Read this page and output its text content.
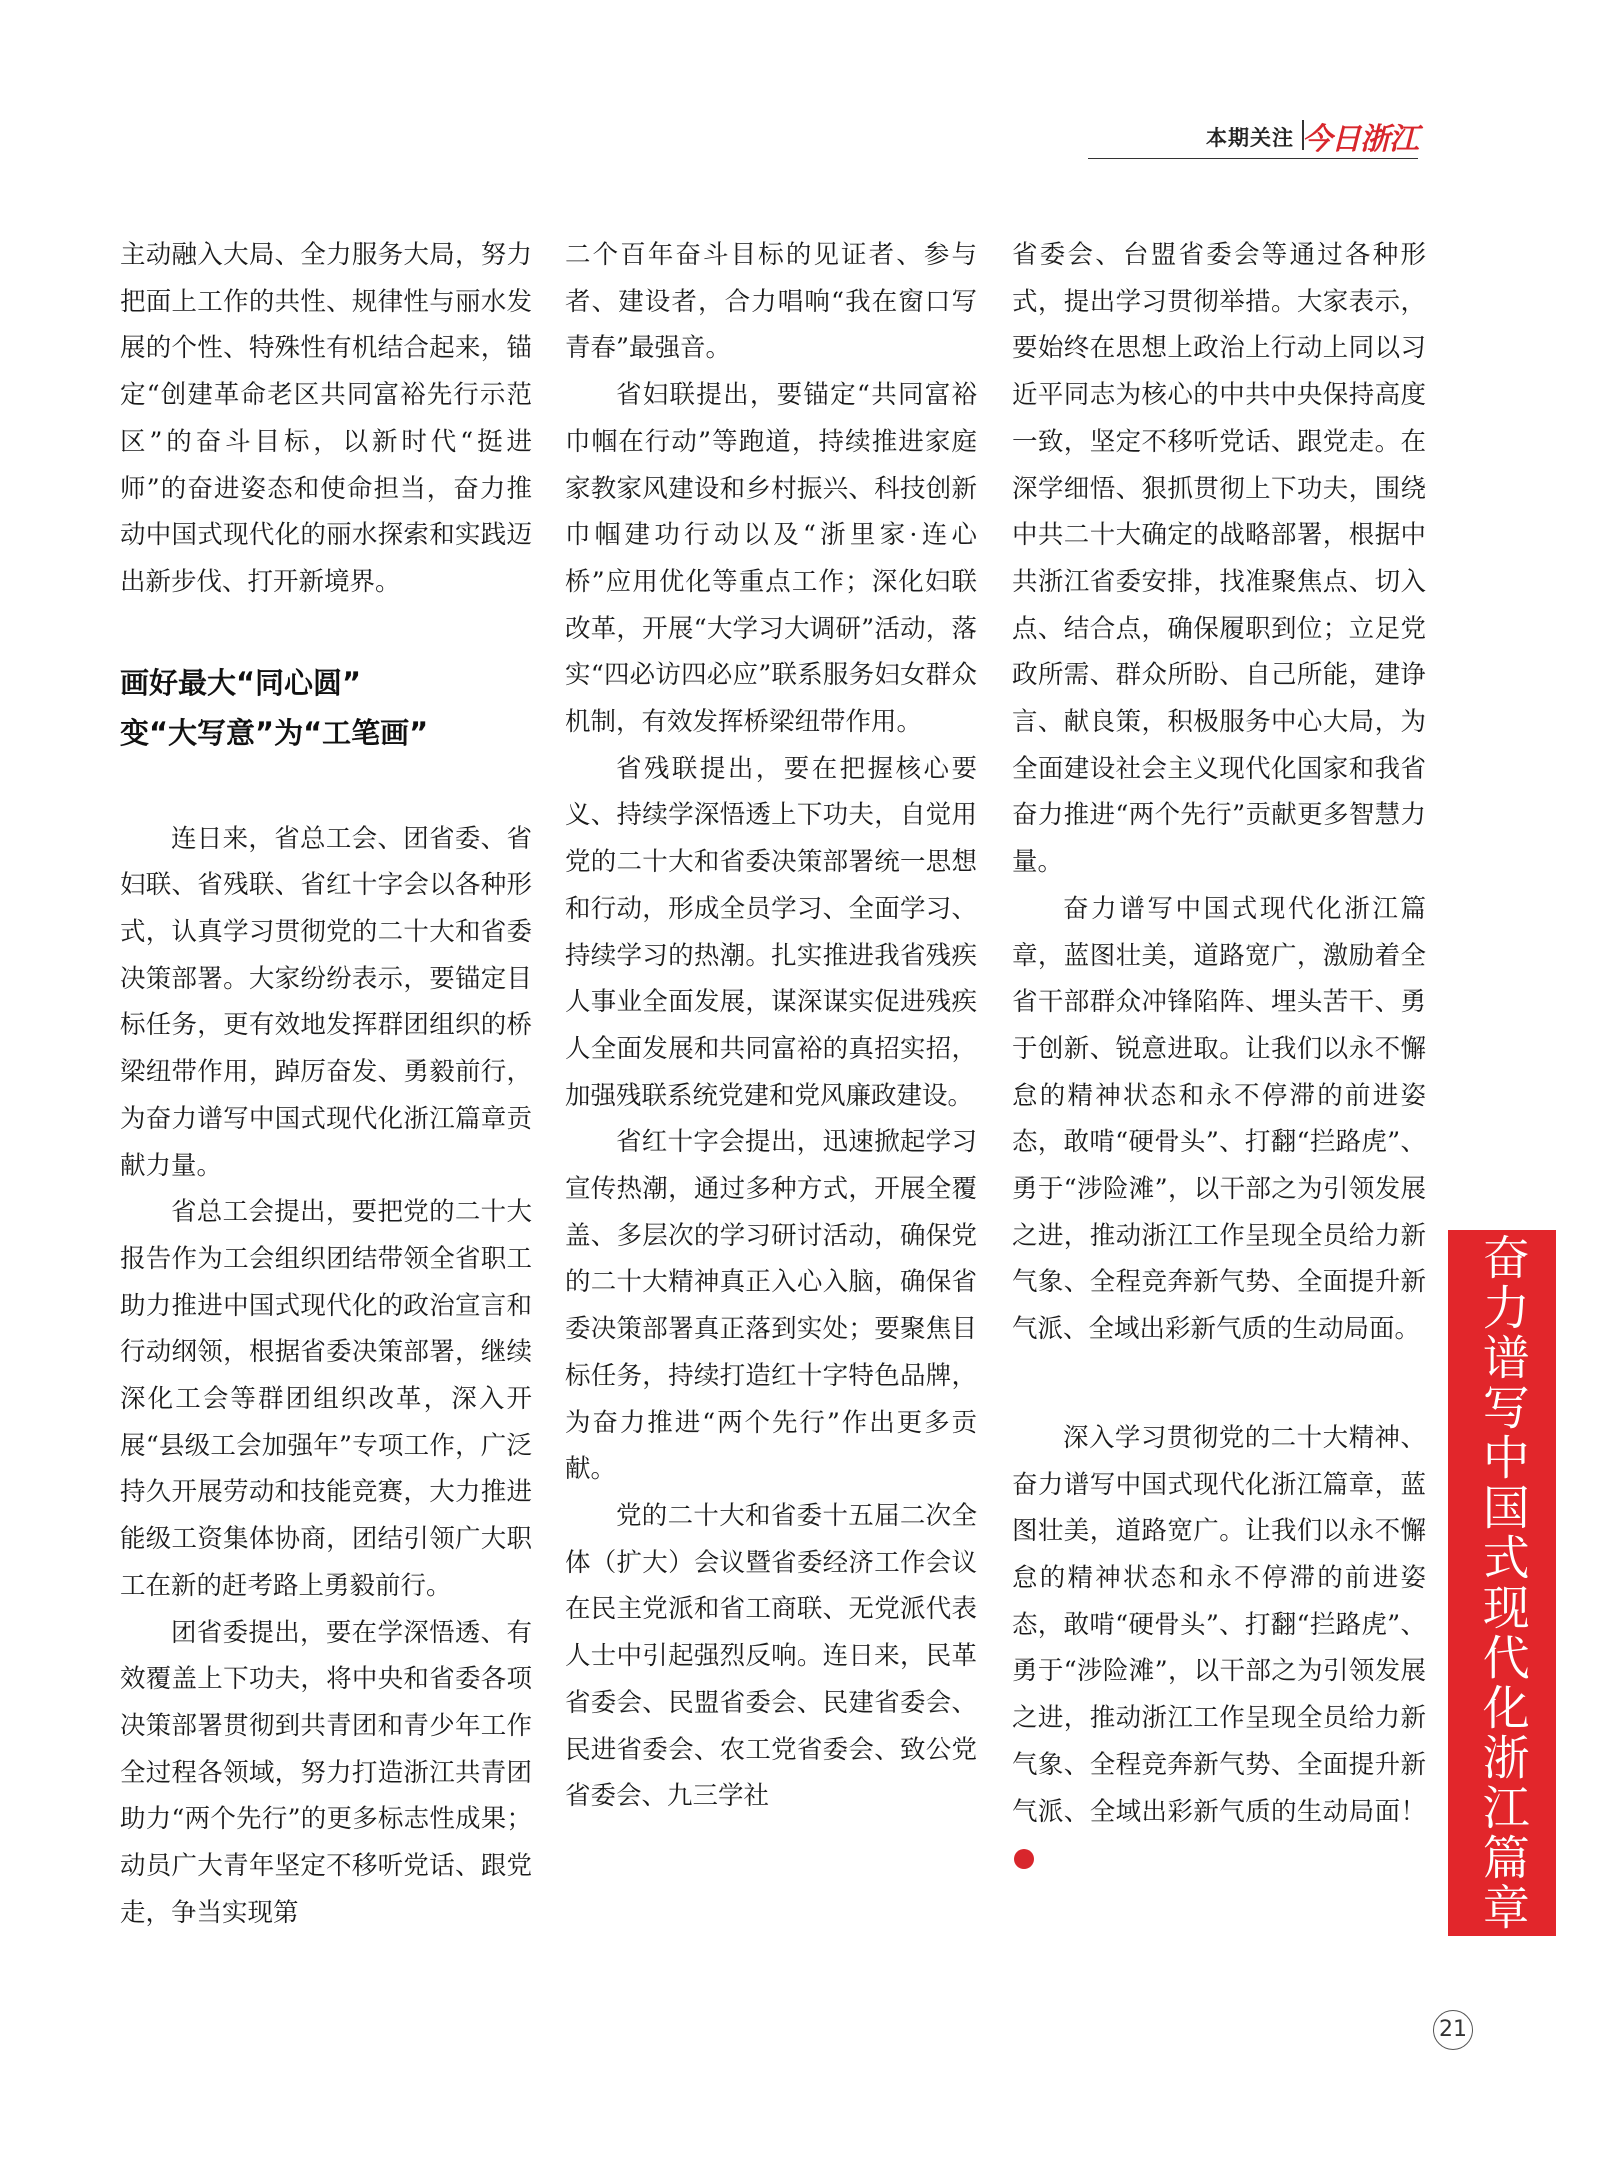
本期关注 今日浙江

主动融入大局、全力服务大局，努力把面上工作的共性、规律性与丽水发展的个性、特殊性有机结合起来，锚定“创建革命老区共同富裕先行示范区”的奋斗目标，以新时代“挺进师”的奋进姿态和使命担当，奋力推动中国式现代化的丽水探索和实践迈出新步伐、打开新境界。

画好最大“同心圆”
变“大写意”为“工笔画”

连日来，省总工会、团省委、省妇联、省残联、省红十字会以各种形式，认真学习贯彻党的二十大和省委决策部署。大家纷纷表示，要锚定目标任务，更有效地发挥群团组织的桥梁纽带作用，踔厉奋发、勇毅前行，为奋力谱写中国式现代化浙江篇章贡献力量。

省总工会提出，要把党的二十大报告作为工会组织团结带领全省职工助力推进中国式现代化的政治宣言和行动纲领，根据省委决策部署，继续深化工会等群团组织改革，深入开展“县级工会加强年”专项工作，广泛持久开展劳动和技能竞赛，大力推进能级工资集体协商，团结引领广大职工在新的赶考路上勇毅前行。

团省委提出，要在学深悟透、有效覆盖上下功夫，将中央和省委各项决策部署贯彻到共青团和青少年工作全过程各领域，努力打造浙江共青团助力“两个先行”的更多标志性成果；动员广大青年坚定不移听党话、跟党走，争当实现第

二个百年奋斗目标的见证者、参与者、建设者，合力唱响“我在窗口写青春”最强音。

省妇联提出，要锚定“共同富裕巾帼在行动”等跑道，持续推进家庭家教家风建设和乡村振兴、科技创新巾帼建功行动以及“浙里家·连心桥”应用优化等重点工作；深化妇联改革，开展“大学习大调研”活动，落实“四必访四必应”联系服务妇女群众机制，有效发挥桥梁纽带作用。

省残联提出，要在把握核心要义、持续学深悟透上下功夫，自觉用党的二十大和省委决策部署统一思想和行动，形成全员学习、全面学习、持续学习的热潮。扎实推进我省残疾人事业全面发展，谋深谋实促进残疾人全面发展和共同富裕的真招实招，加强残联系统党建和党风廉政建设。

省红十字会提出，迅速掀起学习宣传热潮，通过多种方式，开展全覆盖、多层次的学习研讨活动，确保党的二十大精神真正入心入脑，确保省委决策部署真正落到实处；要聚焦目标任务，持续打造红十字特色品牌，为奋力推进“两个先行”作出更多贡献。

党的二十大和省委十五届二次全体（扩大）会议暨省委经济工作会议在民主党派和省工商联、无党派代表人士中引起强烈反响。连日来，民革省委会、民盟省委会、民建省委会、民进省委会、农工党省委会、致公党省委会、九三学社

省委会、台盟省委会等通过各种形式，提出学习贯彻举措。大家表示，要始终在思想上政治上行动上同以习近平同志为核心的中共中央保持高度一致，坚定不移听党话、跟党走。在深学细悟、狠抓贯彻上下功夫，围绕中共二十大确定的战略部署，根据中共浙江省委安排，找准聚焦点、切入点、结合点，确保履职到位；立足党政所需、群众所盼、自己所能，建诤言、献良策，积极服务中心大局，为全面建设社会主义现代化国家和我省奋力推进“两个先行”贡献更多智慧力量。

奋力谱写中国式现代化浙江篇章，蓝图壮美，道路宽广，激励着全省干部群众冲锋陷阵、埋头苦干、勇于创新、锐意进取。让我们以永不懈怠的精神状态和永不停滞的前进姿态，敢啃“硬骨头”、打翻“拦路虎”、勇于“涉险滩”，以干部之为引领发展之进，推动浙江工作呈现全员给力新气象、全程竞奔新气势、全面提升新气派、全域出彩新气质的生动局面。

深入学习贯彻党的二十大精神、奋力谱写中国式现代化浙江篇章，蓝图壮美，道路宽广。让我们以永不懈怠的精神状态和永不停滞的前进姿态，敢啃“硬骨头”、打翻“拦路虎”、勇于“涉险滩”，以干部之为引领发展之进，推动浙江工作呈现全员给力新气象、全程竞奔新气势、全面提升新气派、全域出彩新气质的生动局面！今	奋力谱写中国式现代化浙江篇章
21
